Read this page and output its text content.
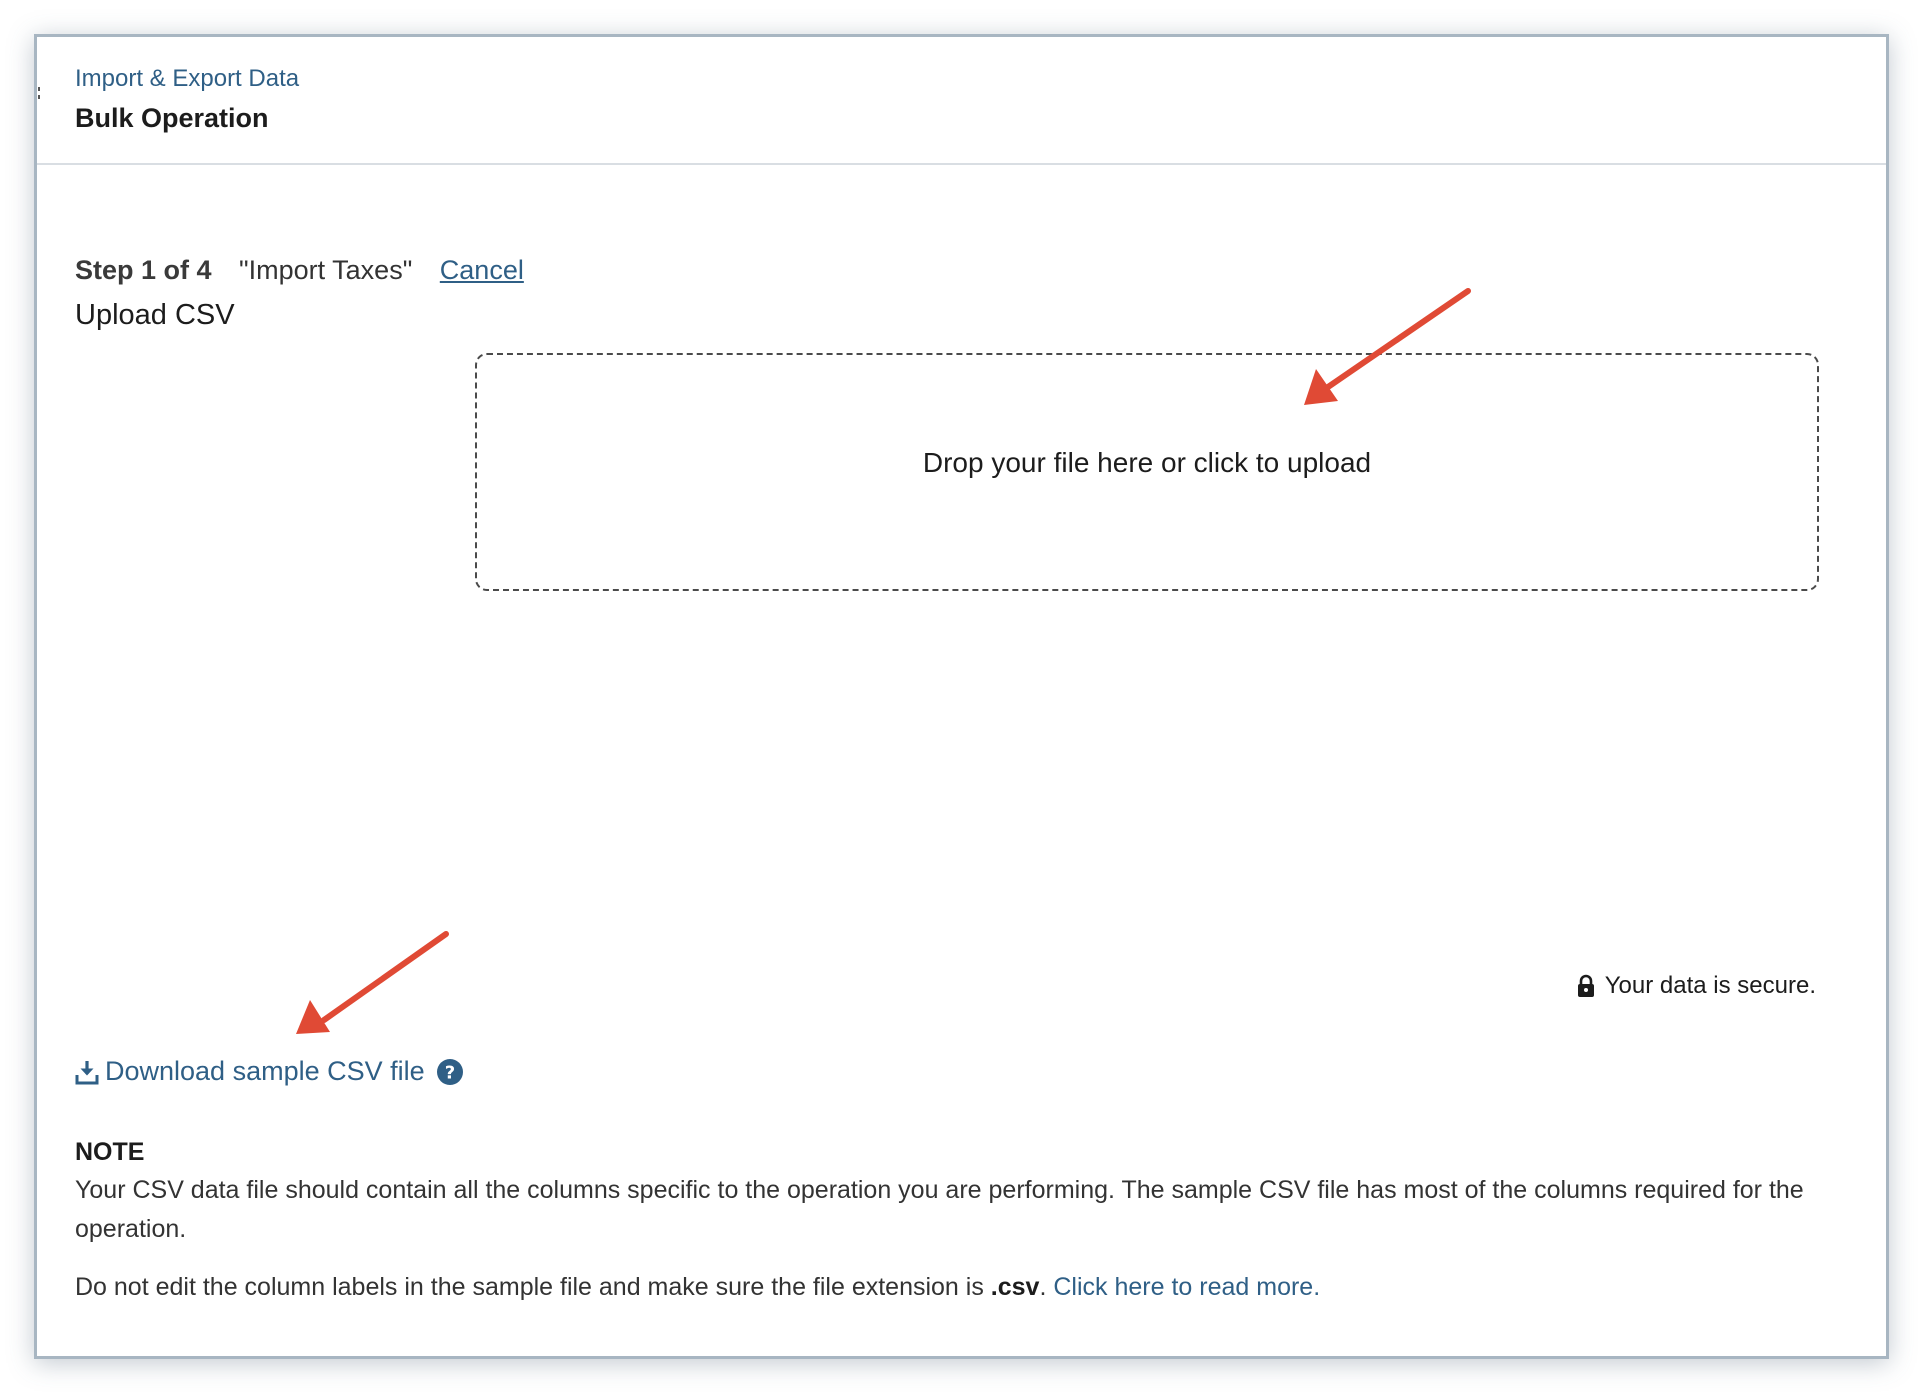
Import & Export Data
Bulk Operation
Step 1 of 4 "Import Taxes" Cancel
Upload CSV
Drop your file here or click to upload
Your data is secure.
Download sample CSV file ?
NOTE
Your CSV data file should contain all the columns specific to the operation you are performing. The sample CSV file has most of the columns required for the operation.
Do not edit the column labels in the sample file and make sure the file extension is .csv. Click here to read more.
